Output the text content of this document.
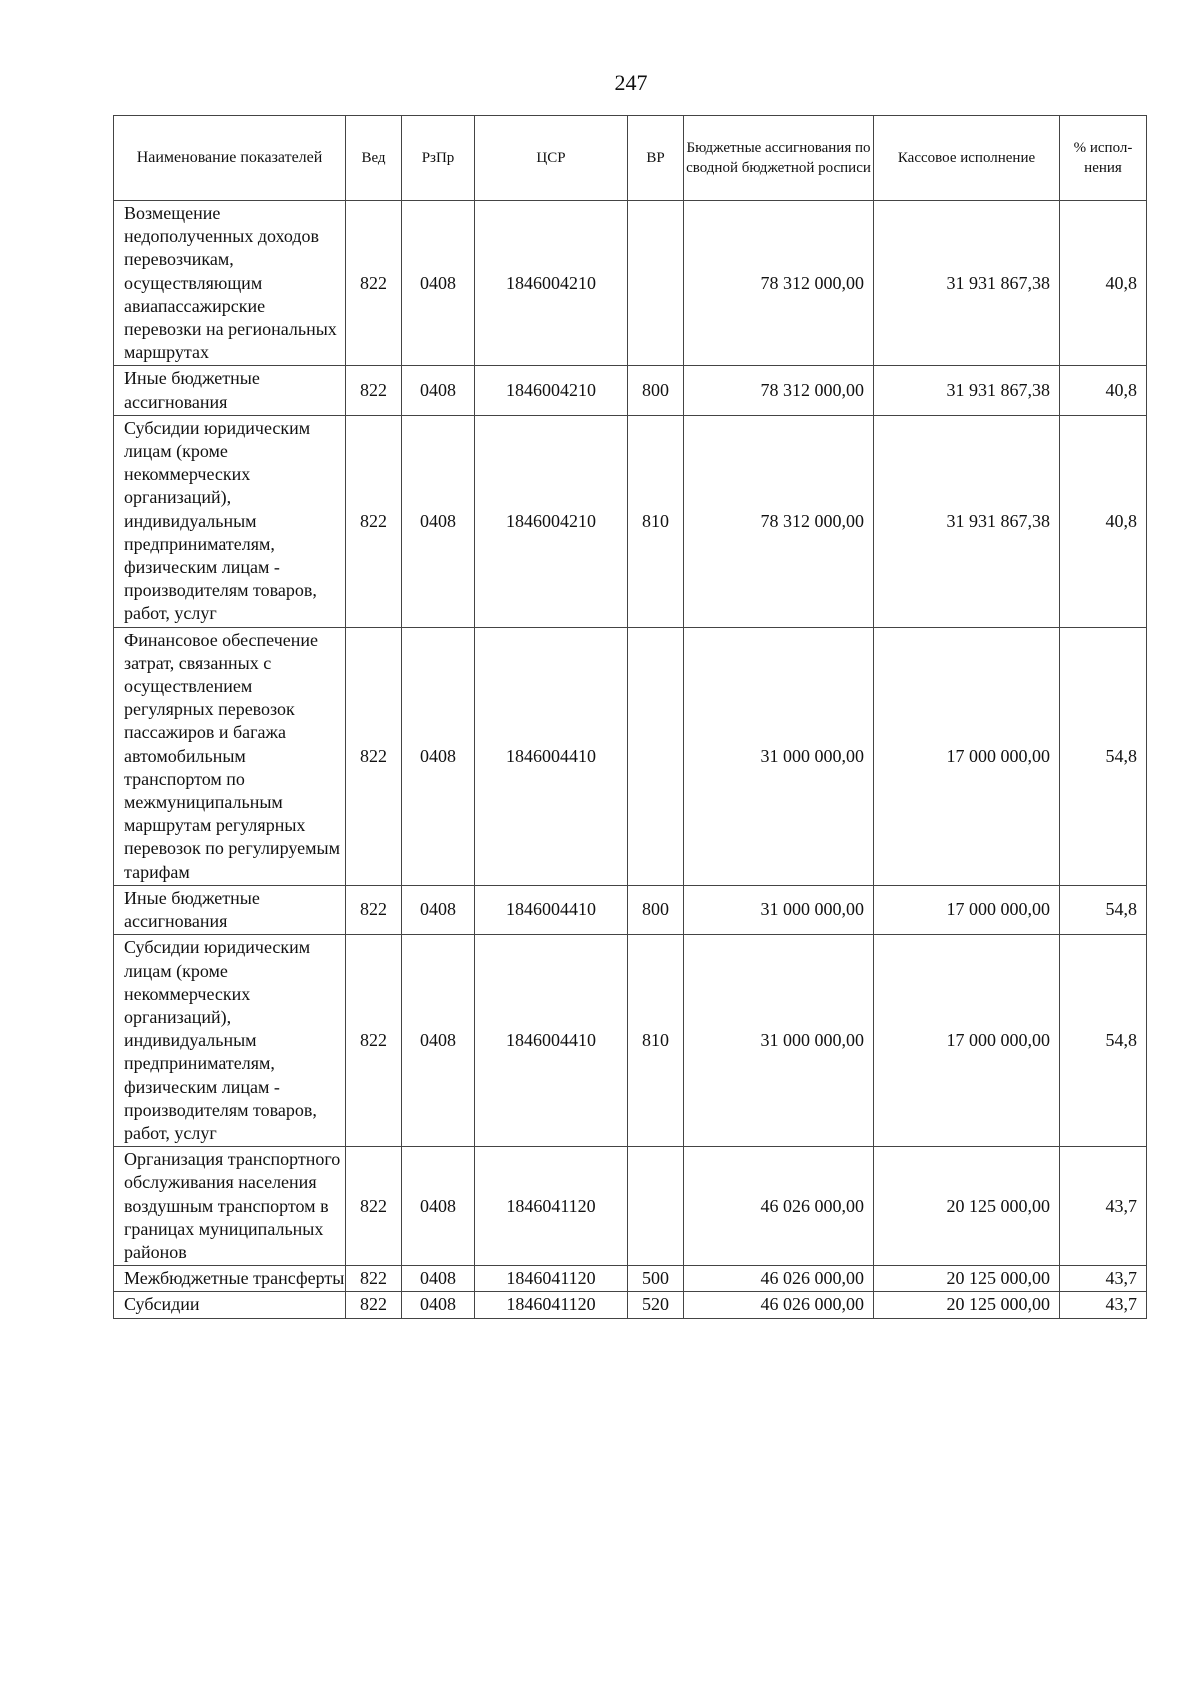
247
Наименование показателей	Вед	РзПр	ЦСР	ВР	Бюджетные ассигнования по сводной бюджетной росписи	Кассовое исполнение	% испол-нения
Возмещение недополученных доходов перевозчикам, осуществляющим авиапассажирские перевозки на региональных маршрутах	822	0408	1846004210		78 312 000,00	31 931 867,38	40,8
Иные бюджетные ассигнования	822	0408	1846004210	800	78 312 000,00	31 931 867,38	40,8
Субсидии юридическим лицам (кроме некоммерческих организаций), индивидуальным предпринимателям, физическим лицам - производителям товаров, работ, услуг	822	0408	1846004210	810	78 312 000,00	31 931 867,38	40,8
Финансовое обеспечение затрат, связанных с осуществлением регулярных перевозок пассажиров и багажа автомобильным транспортом по межмуниципальным маршрутам регулярных перевозок по регулируемым тарифам	822	0408	1846004410		31 000 000,00	17 000 000,00	54,8
Иные бюджетные ассигнования	822	0408	1846004410	800	31 000 000,00	17 000 000,00	54,8
Субсидии юридическим лицам (кроме некоммерческих организаций), индивидуальным предпринимателям, физическим лицам - производителям товаров, работ, услуг	822	0408	1846004410	810	31 000 000,00	17 000 000,00	54,8
Организация транспортного обслуживания населения воздушным транспортом в границах муниципальных районов	822	0408	1846041120		46 026 000,00	20 125 000,00	43,7
Межбюджетные трансферты	822	0408	1846041120	500	46 026 000,00	20 125 000,00	43,7
Субсидии	822	0408	1846041120	520	46 026 000,00	20 125 000,00	43,7
